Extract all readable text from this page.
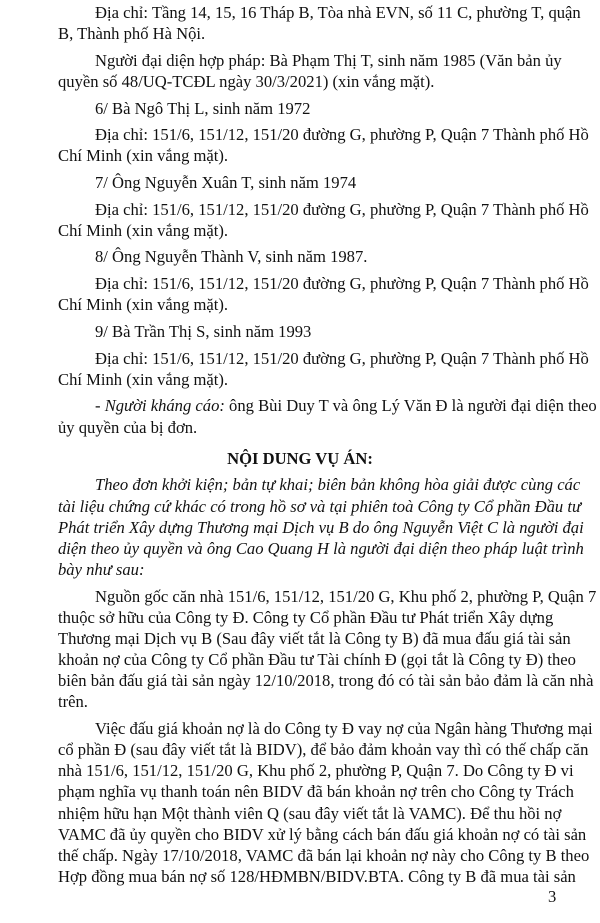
Địa chỉ: Tầng 14, 15, 16 Tháp B, Tòa nhà EVN, số 11 C, phường T, quận
B, Thành phố Hà Nội.
Người đại diện hợp pháp: Bà Phạm Thị T, sinh năm 1985 (Văn bản ủy
quyền số 48/UQ-TCĐL ngày 30/3/2021) (xin vắng mặt).
6/ Bà Ngô Thị L, sinh năm 1972
Địa chỉ: 151/6, 151/12, 151/20 đường G, phường P, Quận 7 Thành phố Hồ
Chí Minh (xin vắng mặt).
7/ Ông Nguyễn Xuân T, sinh năm 1974
Địa chỉ: 151/6, 151/12, 151/20 đường G, phường P, Quận 7 Thành phố Hồ
Chí Minh (xin vắng mặt).
8/ Ông Nguyễn Thành V, sinh năm 1987.
Địa chỉ: 151/6, 151/12, 151/20 đường G, phường P, Quận 7 Thành phố Hồ
Chí Minh (xin vắng mặt).
9/ Bà Trần Thị S, sinh năm 1993
Địa chỉ: 151/6, 151/12, 151/20 đường G, phường P, Quận 7 Thành phố Hồ
Chí Minh (xin vắng mặt).
- Người kháng cáo: ông Bùi Duy T và ông Lý Văn Đ là người đại diện theo
ủy quyền của bị đơn.
NỘI DUNG VỤ ÁN:
Theo đơn khởi kiện; bản tự khai; biên bản không hòa giải được cùng các
tài liệu chứng cứ khác có trong hồ sơ và tại phiên toà Công ty Cổ phần Đầu tư
Phát triển Xây dựng Thương mại Dịch vụ B do ông Nguyễn Việt C là người đại
diện theo ủy quyền và ông Cao Quang H là người đại diện theo pháp luật trình
bày như sau:
Nguồn gốc căn nhà 151/6, 151/12, 151/20 G, Khu phố 2, phường P, Quận 7
thuộc sở hữu của Công ty Đ. Công ty Cổ phần Đầu tư Phát triển Xây dựng
Thương mại Dịch vụ B (Sau đây viết tắt là Công ty B) đã mua đấu giá tài sản
khoản nợ của Công ty Cổ phần Đầu tư Tài chính Đ (gọi tắt là Công ty Đ) theo
biên bản đấu giá tài sản ngày 12/10/2018, trong đó có tài sản bảo đảm là căn nhà
trên.
Việc đấu giá khoản nợ là do Công ty Đ vay nợ của Ngân hàng Thương mại
cổ phần Đ (sau đây viết tắt là BIDV), để bảo đảm khoản vay thì có thế chấp căn
nhà 151/6, 151/12, 151/20 G, Khu phố 2, phường P, Quận 7. Do Công ty Đ vi
phạm nghĩa vụ thanh toán nên BIDV đã bán khoản nợ trên cho Công ty Trách
nhiệm hữu hạn Một thành viên Q (sau đây viết tắt là VAMC). Để thu hồi nợ
VAMC đã ủy quyền cho BIDV xử lý bằng cách bán đấu giá khoản nợ có tài sản
thế chấp. Ngày 17/10/2018, VAMC đã bán lại khoản nợ này cho Công ty B theo
Hợp đồng mua bán nợ số 128/HĐMBN/BIDV.BTA. Công ty B đã mua tài sản
3
